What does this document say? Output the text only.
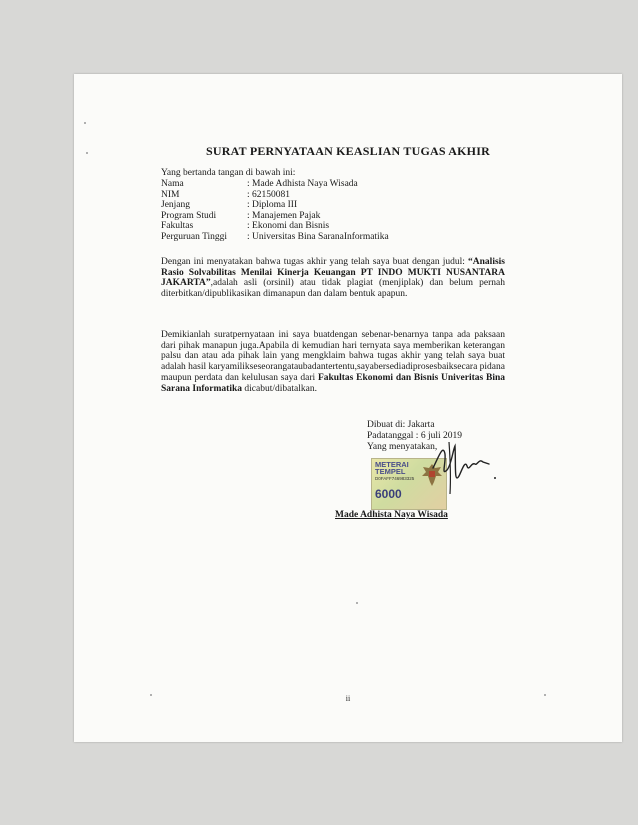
SURAT PERNYATAAN KEASLIAN TUGAS AKHIR
Yang bertanda tangan di bawah ini:
Nama	: Made Adhista Naya Wisada
NIM	: 62150081
Jenjang	: Diploma III
Program Studi	: Manajemen Pajak
Fakultas	: Ekonomi dan Bisnis
Perguruan Tinggi	: Universitas Bina SaranaInformatika
Dengan ini menyatakan bahwa tugas akhir yang telah saya buat dengan judul: “Analisis Rasio Solvabilitas Menilai Kinerja Keuangan PT INDO MUKTI NUSANTARA JAKARTA”,adalah asli (orsinil) atau tidak plagiat (menjiplak) dan belum pernah diterbitkan/dipublikasikan dimanapun dan dalam bentuk apapun.
Demikianlah suratpernyataan ini saya buatdengan sebenar-benarnya tanpa ada paksaan dari pihak manapun juga.Apabila di kemudian hari ternyata saya memberikan keterangan palsu dan atau ada pihak lain yang mengklaim bahwa tugas akhir yang telah saya buat adalah hasil karyamilikseseorangataubadantertentu,sayabersediadiprosesbaiksecara pidana maupun perdata dan kelulusan saya dari Fakultas Ekonomi dan Bisnis Univeritas Bina Sarana Informatika dicabut/dibatalkan.
Dibuat di: Jakarta
Padatanggal : 6 juli 2019
Yang menyatakan,
METERAI
TEMPEL
D0FAFF746983325
6000
Made Adhista Naya Wisada
ii
